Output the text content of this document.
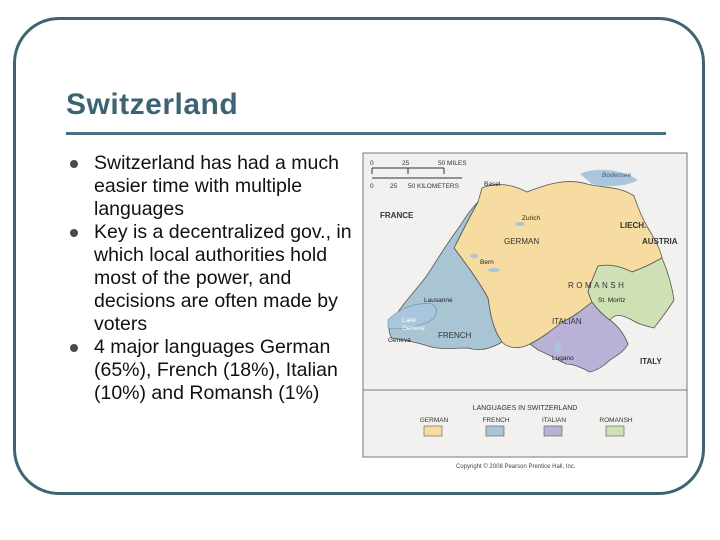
Switzerland
Switzerland has had a much easier time with multiple languages
Key is a decentralized gov., in which local authorities hold most of the power, and decisions are often made by voters
4 major languages German (65%), French (18%), Italian (10%) and Romansh (1%)
0	25	50 MILES
0	25 50 KILOMETERS
FRANCE
LIECH.
AUSTRIA
ITALY
Bodensee
Lake
Geneva
Basel
Zurich
Bern
Lausanne
Geneva
St. Moritz
Lugano
GERMAN
FRENCH
ITALIAN
ROMANSH
LANGUAGES IN SWITZERLAND
GERMAN	FRENCH	ITALIAN	ROMANSH
Copyright © 2008 Pearson Prentice Hall, Inc.
